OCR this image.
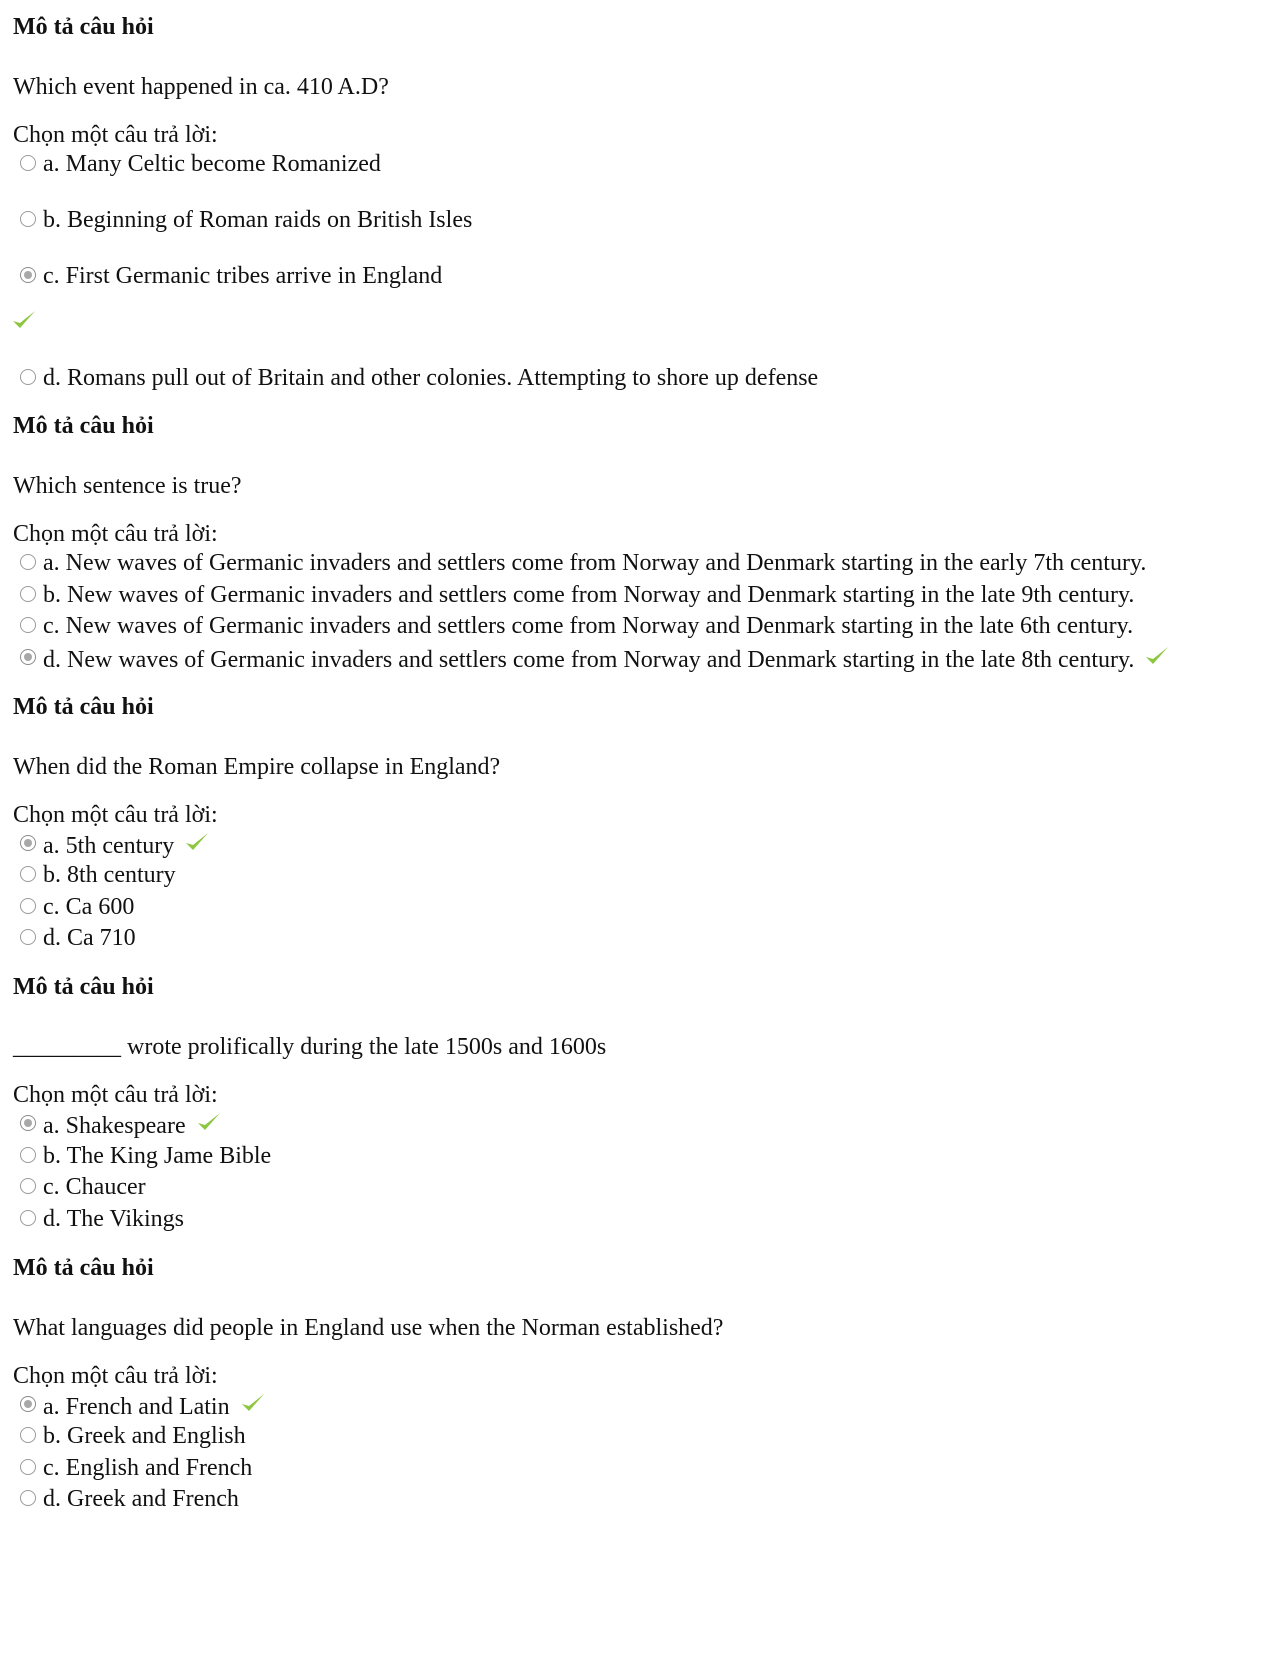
Mô tả câu hỏi
Which event happened in ca. 410 A.D?
Chọn một câu trả lời:
a. Many Celtic become Romanized
b. Beginning of Roman raids on British Isles
c. First Germanic tribes arrive in England
d. Romans pull out of Britain and other colonies. Attempting to shore up defense
Mô tả câu hỏi
Which sentence is true?
Chọn một câu trả lời:
a. New waves of Germanic invaders and settlers come from Norway and Denmark starting in the early 7th century.
b. New waves of Germanic invaders and settlers come from Norway and Denmark starting in the late 9th century.
c. New waves of Germanic invaders and settlers come from Norway and Denmark starting in the late 6th century.
d. New waves of Germanic invaders and settlers come from Norway and Denmark starting in the late 8th century.
Mô tả câu hỏi
When did the Roman Empire collapse in England?
Chọn một câu trả lời:
a. 5th century
b. 8th century
c. Ca 600
d. Ca 710
Mô tả câu hỏi
_________ wrote prolifically during the late 1500s and 1600s
Chọn một câu trả lời:
a. Shakespeare
b. The King Jame Bible
c. Chaucer
d. The Vikings
Mô tả câu hỏi
What languages did people in England use when the Norman established?
Chọn một câu trả lời:
a. French and Latin
b. Greek and English
c. English and French
d. Greek and French
